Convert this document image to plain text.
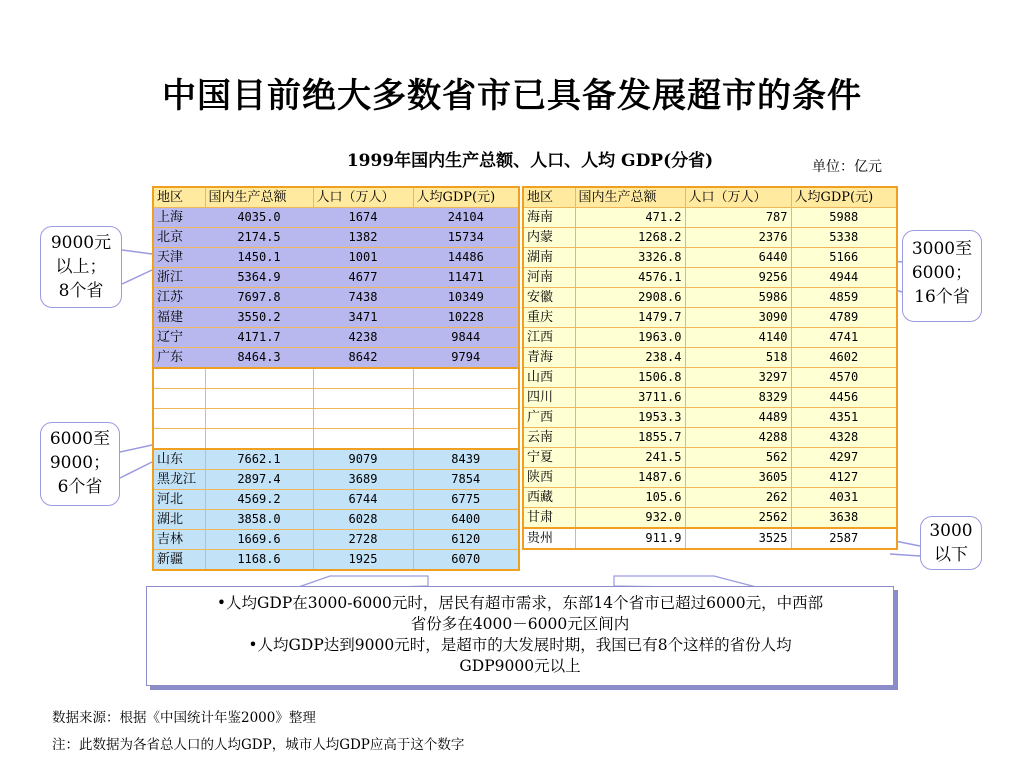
中国目前绝大多数省市已具备发展超市的条件
1999年国内生产总额、人口、人均 GDP(分省)	单位：亿元
地区	国内生产总额	人口（万人）	人均GDP(元)
上海	4035.0	1674	24104
北京	2174.5	1382	15734
天津	1450.1	1001	14486
浙江	5364.9	4677	11471
江苏	7697.8	7438	10349
福建	3550.2	3471	10228
辽宁	4171.7	4238	9844
广东	8464.3	8642	9794

山东	7662.1	9079	8439
黑龙江	2897.4	3689	7854
河北	4569.2	6744	6775
湖北	3858.0	6028	6400
吉林	1669.6	2728	6120
新疆	1168.6	1925	6070
地区	国内生产总额	人口（万人）	人均GDP(元)
海南	471.2	787	5988
内蒙	1268.2	2376	5338
湖南	3326.8	6440	5166
河南	4576.1	9256	4944
安徽	2908.6	5986	4859
重庆	1479.7	3090	4789
江西	1963.0	4140	4741
青海	238.4	518	4602
山西	1506.8	3297	4570
四川	3711.6	8329	4456
广西	1953.3	4489	4351
云南	1855.7	4288	4328
宁夏	241.5	562	4297
陕西	1487.6	3605	4127
西藏	105.6	262	4031
甘肃	932.0	2562	3638
贵州	911.9	3525	2587
9000元
以上；
8个省
6000至
9000；
6个省
3000至
6000；
16个省
3000
以下
•人均GDP在3000-6000元时，居民有超市需求，东部14个省市已超过6000元，中西部
省份多在4000－6000元区间内
•人均GDP达到9000元时，是超市的大发展时期，我国已有8个这样的省份人均
GDP9000元以上
数据来源：根据《中国统计年鉴2000》整理
注：此数据为各省总人口的人均GDP，城市人均GDP应高于这个数字
